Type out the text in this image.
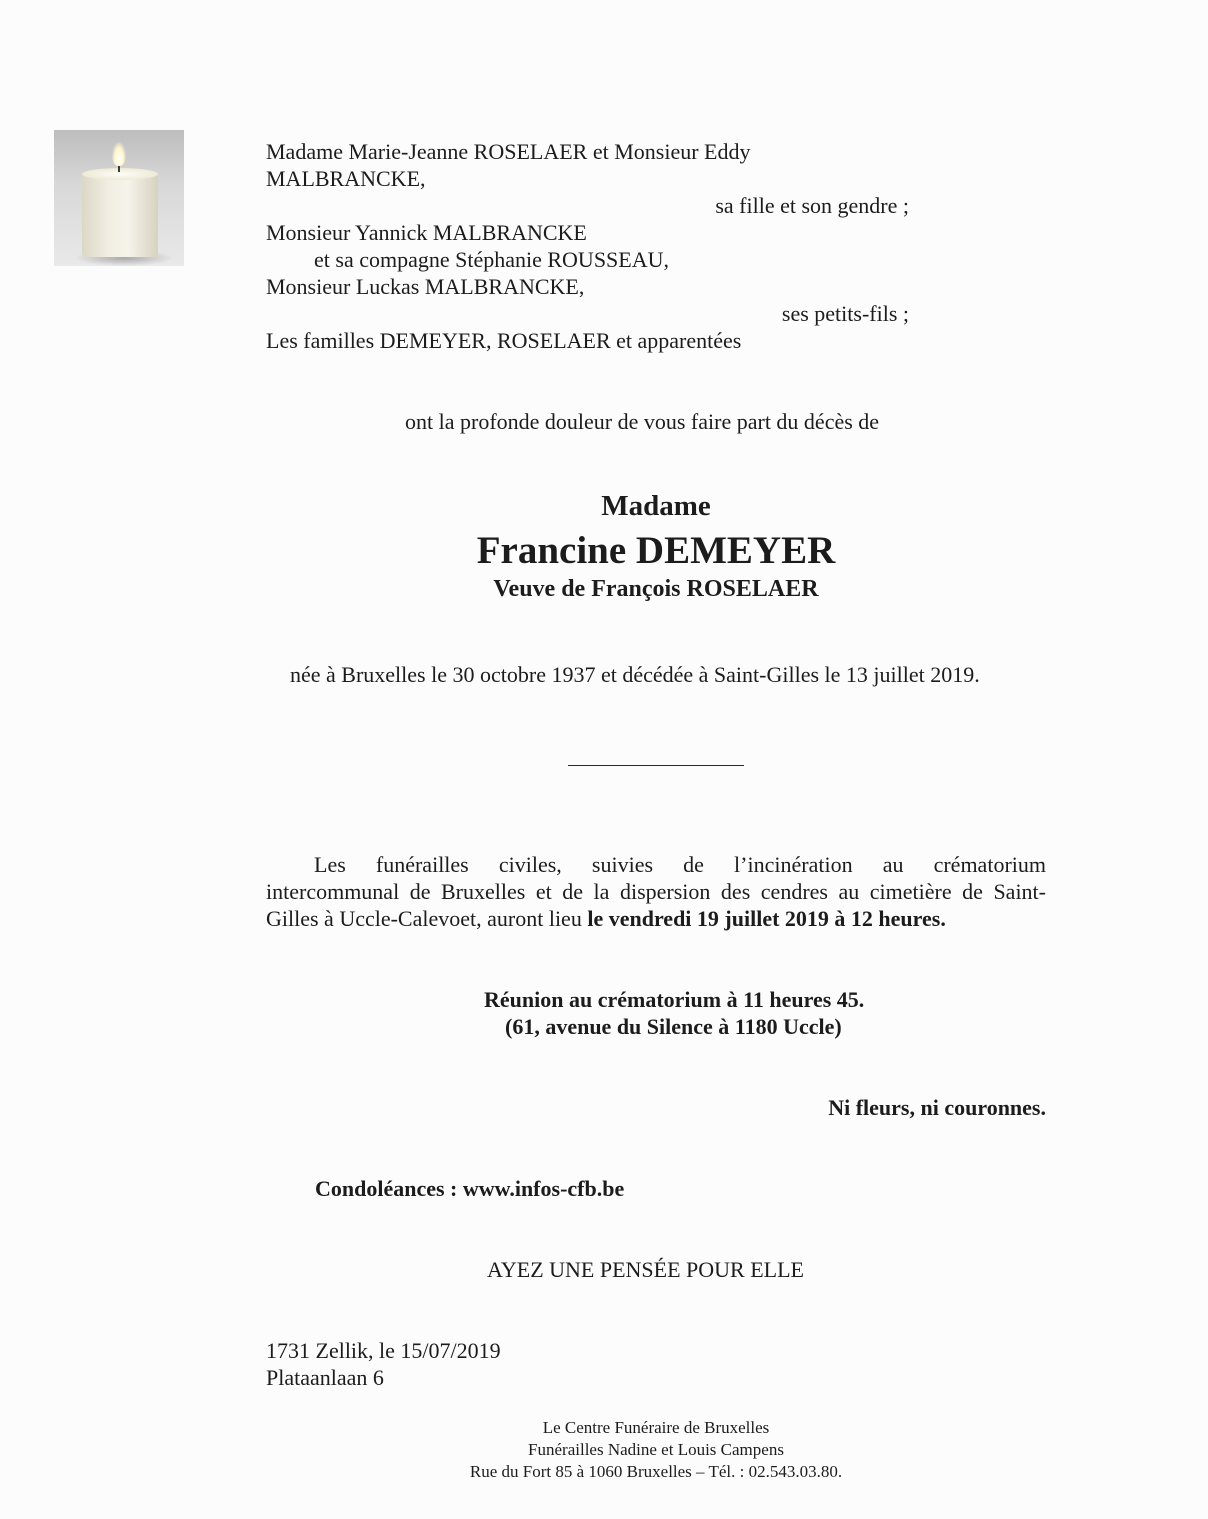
Madame Marie-Jeanne ROSELAER et Monsieur Eddy
MALBRANCKE,
sa fille et son gendre ;
Monsieur Yannick MALBRANCKE
et sa compagne Stéphanie ROUSSEAU,
Monsieur Luckas MALBRANCKE,
ses petits-fils ;
Les familles DEMEYER, ROSELAER et apparentées
ont la profonde douleur de vous faire part du décès de
Madame
Francine DEMEYER
Veuve de François ROSELAER
née à Bruxelles le 30 octobre 1937 et décédée à Saint-Gilles le 13 juillet 2019.
Les funérailles civiles, suivies de l’incinération au crématorium
intercommunal de Bruxelles et de la dispersion des cendres au cimetière de Saint-
Gilles à Uccle-Calevoet, auront lieu le vendredi 19 juillet 2019 à 12 heures.
Réunion au crématorium à 11 heures 45.
(61, avenue du Silence à 1180 Uccle)
Ni fleurs, ni couronnes.
Condoléances : www.infos-cfb.be
AYEZ UNE PENSÉE POUR ELLE
1731 Zellik, le 15/07/2019
Plataanlaan 6
Le Centre Funéraire de Bruxelles
Funérailles Nadine et Louis Campens
Rue du Fort 85 à 1060 Bruxelles – Tél. : 02.543.03.80.
